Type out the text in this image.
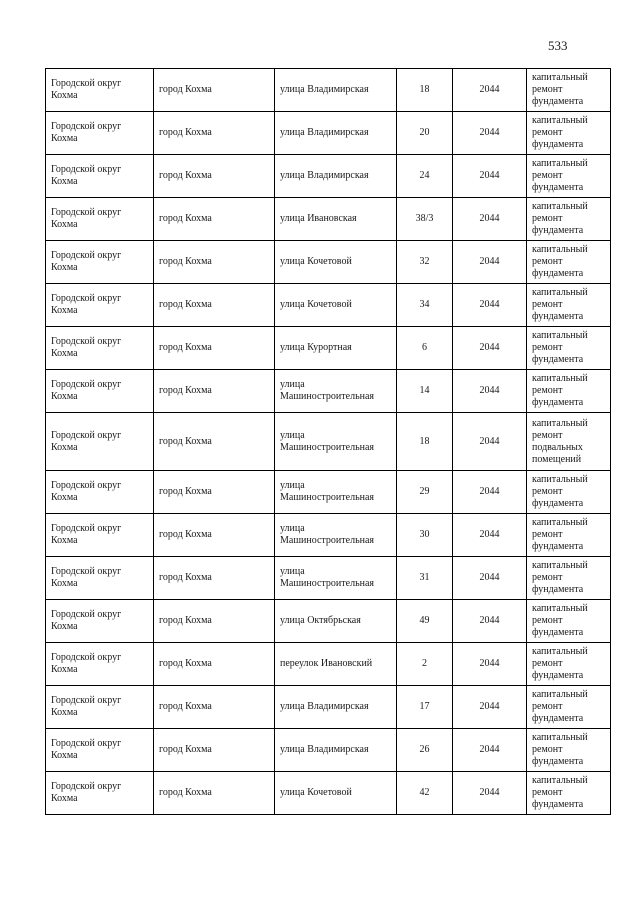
533
Городской округ Кохма	город Кохма	улица Владимирская	18	2044	капитальный ремонт фундамента
Городской округ Кохма	город Кохма	улица Владимирская	20	2044	капитальный ремонт фундамента
Городской округ Кохма	город Кохма	улица Владимирская	24	2044	капитальный ремонт фундамента
Городской округ Кохма	город Кохма	улица Ивановская	38/3	2044	капитальный ремонт фундамента
Городской округ Кохма	город Кохма	улица Кочетовой	32	2044	капитальный ремонт фундамента
Городской округ Кохма	город Кохма	улица Кочетовой	34	2044	капитальный ремонт фундамента
Городской округ Кохма	город Кохма	улица Курортная	6	2044	капитальный ремонт фундамента
Городской округ Кохма	город Кохма	улица Машиностроительная	14	2044	капитальный ремонт фундамента
Городской округ Кохма	город Кохма	улица Машиностроительная	18	2044	капитальный ремонт подвальных помещений
Городской округ Кохма	город Кохма	улица Машиностроительная	29	2044	капитальный ремонт фундамента
Городской округ Кохма	город Кохма	улица Машиностроительная	30	2044	капитальный ремонт фундамента
Городской округ Кохма	город Кохма	улица Машиностроительная	31	2044	капитальный ремонт фундамента
Городской округ Кохма	город Кохма	улица Октябрьская	49	2044	капитальный ремонт фундамента
Городской округ Кохма	город Кохма	переулок Ивановский	2	2044	капитальный ремонт фундамента
Городской округ Кохма	город Кохма	улица Владимирская	17	2044	капитальный ремонт фундамента
Городской округ Кохма	город Кохма	улица Владимирская	26	2044	капитальный ремонт фундамента
Городской округ Кохма	город Кохма	улица Кочетовой	42	2044	капитальный ремонт фундамента
